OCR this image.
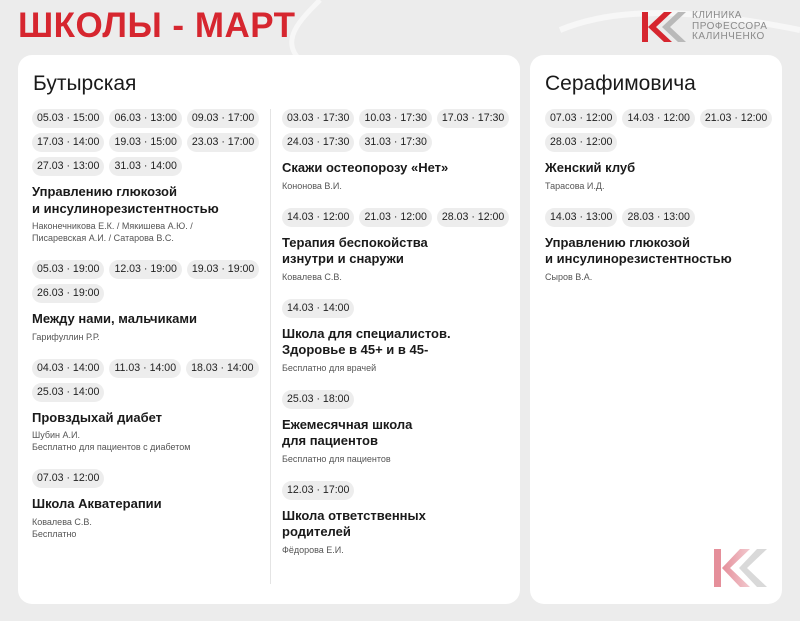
ШКОЛЫ - МАРТ	КЛИНИКА
ПРОФЕССОРА
КАЛИНЧЕНКО
Бутырская
05.03 · 15:00	06.03 · 13:00	09.03 · 17:00
17.03 · 14:00	19.03 · 15:00	23.03 · 17:00
27.03 · 13:00	31.03 · 14:00
Управлению глюкозой
и инсулинорезистентностью
Наконечникова Е.К. / Мякишева А.Ю. /
Писаревская А.И. / Сатарова В.С.
05.03 · 19:00	12.03 · 19:00	19.03 · 19:00
26.03 · 19:00
Между нами, мальчиками
Гарифуллин Р.Р.
04.03 · 14:00	11.03 · 14:00	18.03 · 14:00
25.03 · 14:00
Провздыхай диабет
Шубин А.И.
Бесплатно для пациентов с диабетом
07.03 · 12:00
Школа Акватерапии
Ковалева С.В.
Бесплатно
03.03 · 17:30	10.03 · 17:30	17.03 · 17:30
24.03 · 17:30	31.03 · 17:30
Скажи остеопорозу «Нет»
Кононова В.И.
14.03 · 12:00	21.03 · 12:00	28.03 · 12:00
Терапия беспокойства
изнутри и снаружи
Ковалева С.В.
14.03 · 14:00
Школа для специалистов.
Здоровье в 45+ и в 45-
Бесплатно для врачей
25.03 · 18:00
Ежемесячная школа
для пациентов
Бесплатно для пациентов
12.03 · 17:00
Школа ответственных
родителей
Фёдорова Е.И.
Серафимовича
07.03 · 12:00	14.03 · 12:00	21.03 · 12:00
28.03 · 12:00
Женский клуб
Тарасова И.Д.
14.03 · 13:00	28.03 · 13:00
Управлению глюкозой
и инсулинорезистентностью
Сыров В.А.
